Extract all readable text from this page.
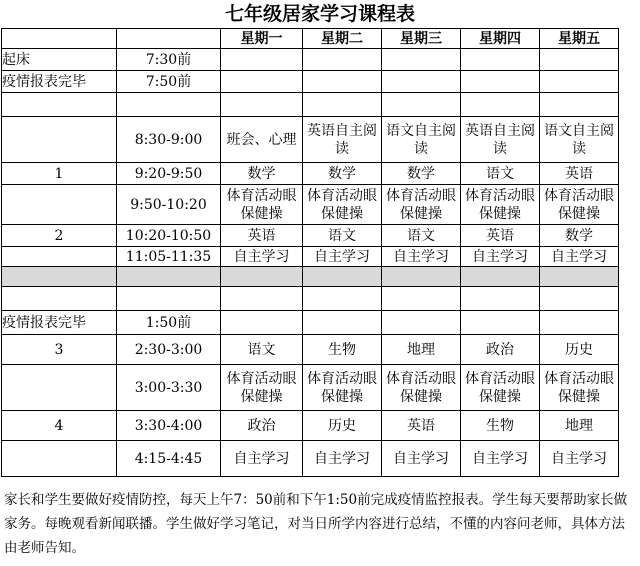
七年级居家学习课程表
		星期一	星期二	星期三	星期四	星期五
起床	7:30前					
疫情报表完毕	7:50前					

	8:30-9:00	班会、心理	英语自主阅读	语文自主阅读	英语自主阅读	语文自主阅读
1	9:20-9:50	数学	数学	数学	语文	英语
	9:50-10:20	体育活动眼保健操	体育活动眼保健操	体育活动眼保健操	体育活动眼保健操	体育活动眼保健操
2	10:20-10:50	英语	语文	语文	英语	数学
	11:05-11:35	自主学习	自主学习	自主学习	自主学习	自主学习

疫情报表完毕	1:50前					
3	2:30-3:00	语文	生物	地理	政治	历史
	3:00-3:30	体育活动眼保健操	体育活动眼保健操	体育活动眼保健操	体育活动眼保健操	体育活动眼保健操
4	3:30-4:00	政治	历史	英语	生物	地理
	4:15-4:45	自主学习	自主学习	自主学习	自主学习	自主学习
家长和学生要做好疫情防控，每天上午7：50前和下午1:50前完成疫情监控报表。学生每天要帮助家长做家务。每晚观看新闻联播。学生做好学习笔记，对当日所学内容进行总结，不懂的内容问老师，具体方法由老师告知。
